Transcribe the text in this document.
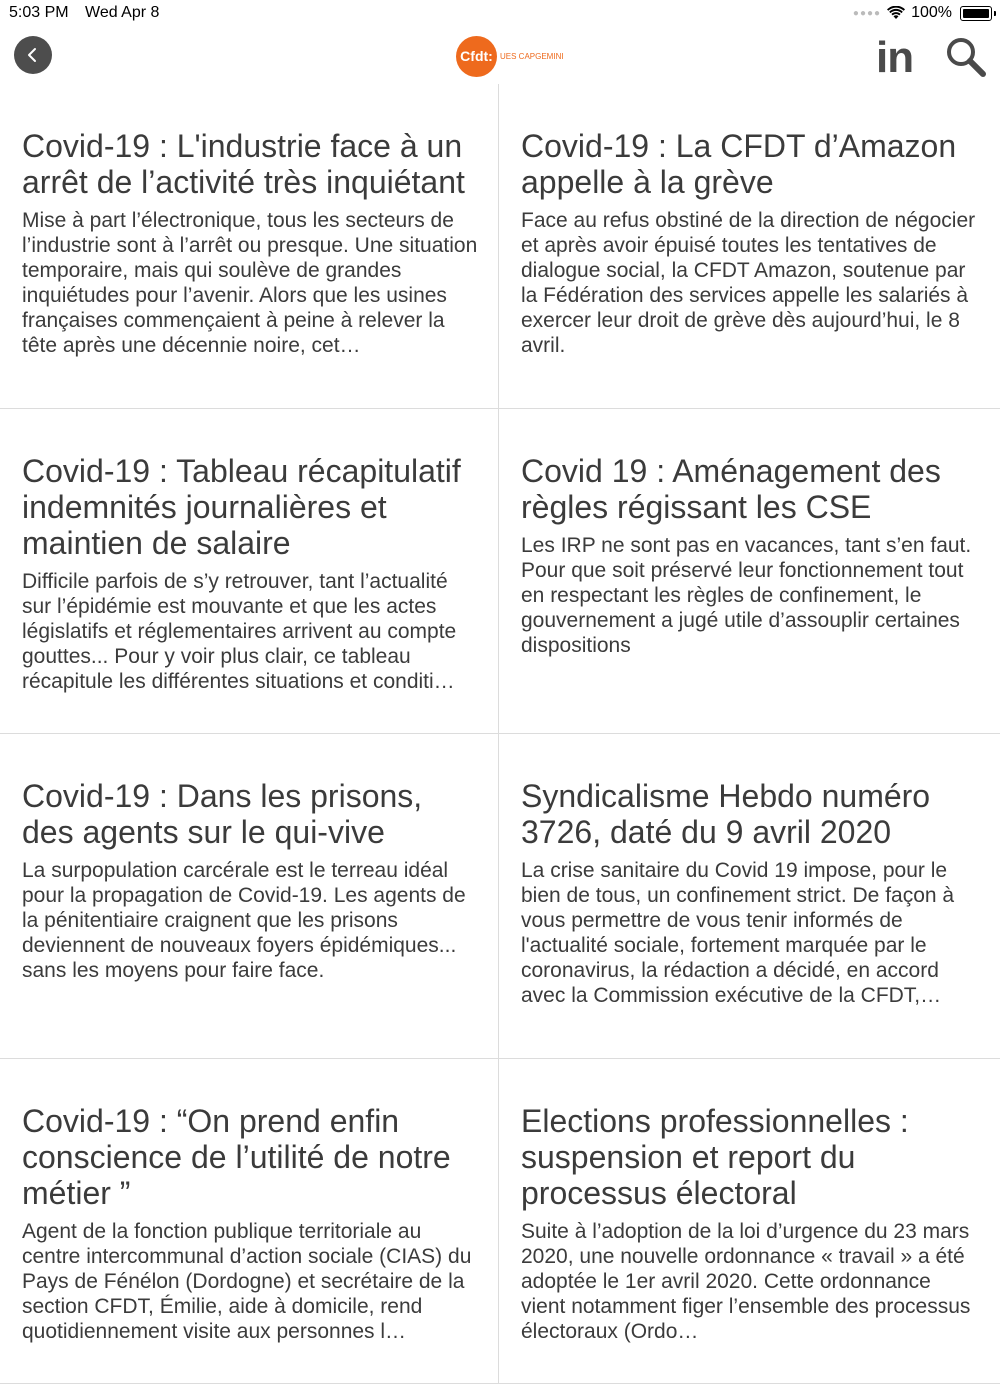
5:03 PM Wed Apr 8	●●●● 100%
Cfdt: UES CAPGEMINI	in
Covid-19 : L'industrie face à un arrêt de l’activité très inquiétant

Mise à part l’électronique, tous les secteurs de l’industrie sont à l’arrêt ou presque. Une situation temporaire, mais qui soulève de grandes inquiétudes pour l’avenir. Alors que les usines françaises commençaient à peine à relever la tête après une décennie noire, cet…

Covid-19 : La CFDT d’Amazon appelle à la grève

Face au refus obstiné de la direction de négocier et après avoir épuisé toutes les tentatives de dialogue social, la CFDT Amazon, soutenue par la Fédération des services appelle les salariés à exercer leur droit de grève dès aujourd’hui, le 8 avril.

Covid-19 : Tableau récapitulatif indemnités journalières et maintien de salaire

Difficile parfois de s’y retrouver, tant l’actualité sur l’épidémie est mouvante et que les actes législatifs et réglementaires arrivent au compte gouttes... Pour y voir plus clair, ce tableau récapitule les différentes situations et conditi…

Covid 19 : Aménagement des règles régissant les CSE

Les IRP ne sont pas en vacances, tant s’en faut. Pour que soit préservé leur fonctionnement tout en respectant les règles de confinement, le gouvernement a jugé utile d’assouplir certaines dispositions

Covid-19 : Dans les prisons, des agents sur le qui-vive

La surpopulation carcérale est le terreau idéal pour la propagation de Covid-19. Les agents de la pénitentiaire craignent que les prisons deviennent de nouveaux foyers épidémiques... sans les moyens pour faire face.

Syndicalisme Hebdo numéro 3726, daté du 9 avril 2020

La crise sanitaire du Covid 19 impose, pour le bien de tous, un confinement strict. De façon à vous permettre de vous tenir informés de l'actualité sociale, fortement marquée par le coronavirus, la rédaction a décidé, en accord avec la Commission exécutive de la CFDT,…

Covid-19 : “On prend enfin conscience de l’utilité de notre métier ”

Agent de la fonction publique territoriale au centre intercommunal d’action sociale (CIAS) du Pays de Fénélon (Dordogne) et secrétaire de la section CFDT, Émilie, aide à domicile, rend quotidiennement visite aux personnes l…

Elections professionnelles : suspension et report du processus électoral

Suite à l’adoption de la loi d’urgence du 23 mars 2020, une nouvelle ordonnance « travail » a été adoptée le 1er avril 2020. Cette ordonnance vient notamment figer l’ensemble des processus électoraux (Ordo…
